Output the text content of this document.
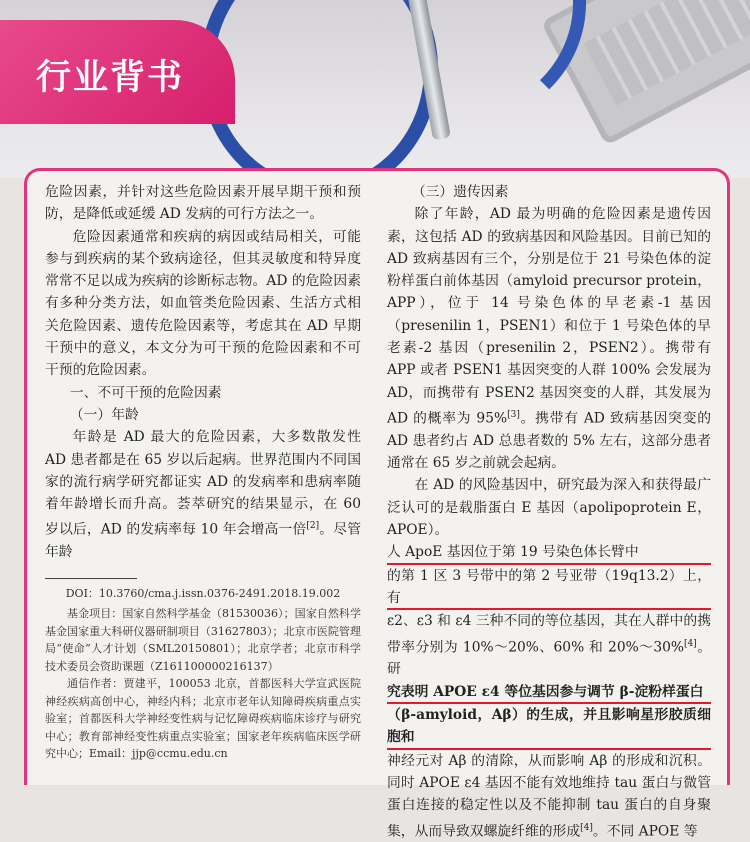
行业背书

危险因素，并针对这些危险因素开展早期干预和预防，是降低或延缓 AD 发病的可行方法之一。

危险因素通常和疾病的病因或结局相关，可能参与到疾病的某个致病途径，但其灵敏度和特异度常常不足以成为疾病的诊断标志物。AD 的危险因素有多种分类方法，如血管类危险因素、生活方式相关危险因素、遗传危险因素等，考虑其在 AD 早期干预中的意义，本文分为可干预的危险因素和不可干预的危险因素。

一、不可干预的危险因素

（一）年龄

年龄是 AD 最大的危险因素，大多数散发性 AD 患者都是在 65 岁以后起病。世界范围内不同国家的流行病学研究都证实 AD 的发病率和患病率随着年龄增长而升高。荟萃研究的结果显示，在 60 岁以后，AD 的发病率每 10 年会增高一倍[2]。尽管年龄

DOI：10.3760/cma.j.issn.0376-2491.2018.19.002

基金项目：国家自然科学基金（81530036）；国家自然科学基金国家重大科研仪器研制项目（31627803）；北京市医院管理局“使命”人才计划（SML20150801）；北京学者；北京市科学技术委员会资助课题（Z161100000216137）

通信作者：贾建平，100053 北京，首都医科大学宣武医院神经疾病高创中心，神经内科；北京市老年认知障碍疾病重点实验室；首都医科大学神经变性病与记忆障碍疾病临床诊疗与研究中心；教育部神经变性病重点实验室；国家老年疾病临床医学研究中心；Email：jjp@ccmu.edu.cn

（三）遗传因素

除了年龄，AD 最为明确的危险因素是遗传因素，这包括 AD 的致病基因和风险基因。目前已知的 AD 致病基因有三个，分别是位于 21 号染色体的淀粉样蛋白前体基因（amyloid precursor protein，APP），位于 14 号染色体的早老素-1 基因（presenilin 1，PSEN1）和位于 1 号染色体的早老素-2 基因（presenilin 2，PSEN2）。携带有 APP 或者 PSEN1 基因突变的人群 100% 会发展为 AD，而携带有 PSEN2 基因突变的人群，其发展为 AD 的概率为 95%[3]。携带有 AD 致病基因突变的 AD 患者约占 AD 总患者数的 5% 左右，这部分患者通常在 65 岁之前就会起病。

在 AD 的风险基因中，研究最为深入和获得最广泛认可的是载脂蛋白 E 基因（apolipoprotein E，APOE）。

人 ApoE 基因位于第 19 号染色体长臂中

的第 1 区 3 号带中的第 2 号亚带（19q13.2）上，有

ε2、ε3 和 ε4 三种不同的等位基因，其在人群中的携带率分别为 10%～20%、60% 和 20%～30%[4]。研

究表明 APOE ε4 等位基因参与调节 β-淀粉样蛋白

（β-amyloid，Aβ）的生成，并且影响星形胶质细胞和

神经元对 Aβ 的清除，从而影响 Aβ 的形成和沉积。同时 APOE ε4 基因不能有效地维持 tau 蛋白与微管蛋白连接的稳定性以及不能抑制 tau 蛋白的自身聚集，从而导致双螺旋纤维的形成[4]。不同 APOE 等
